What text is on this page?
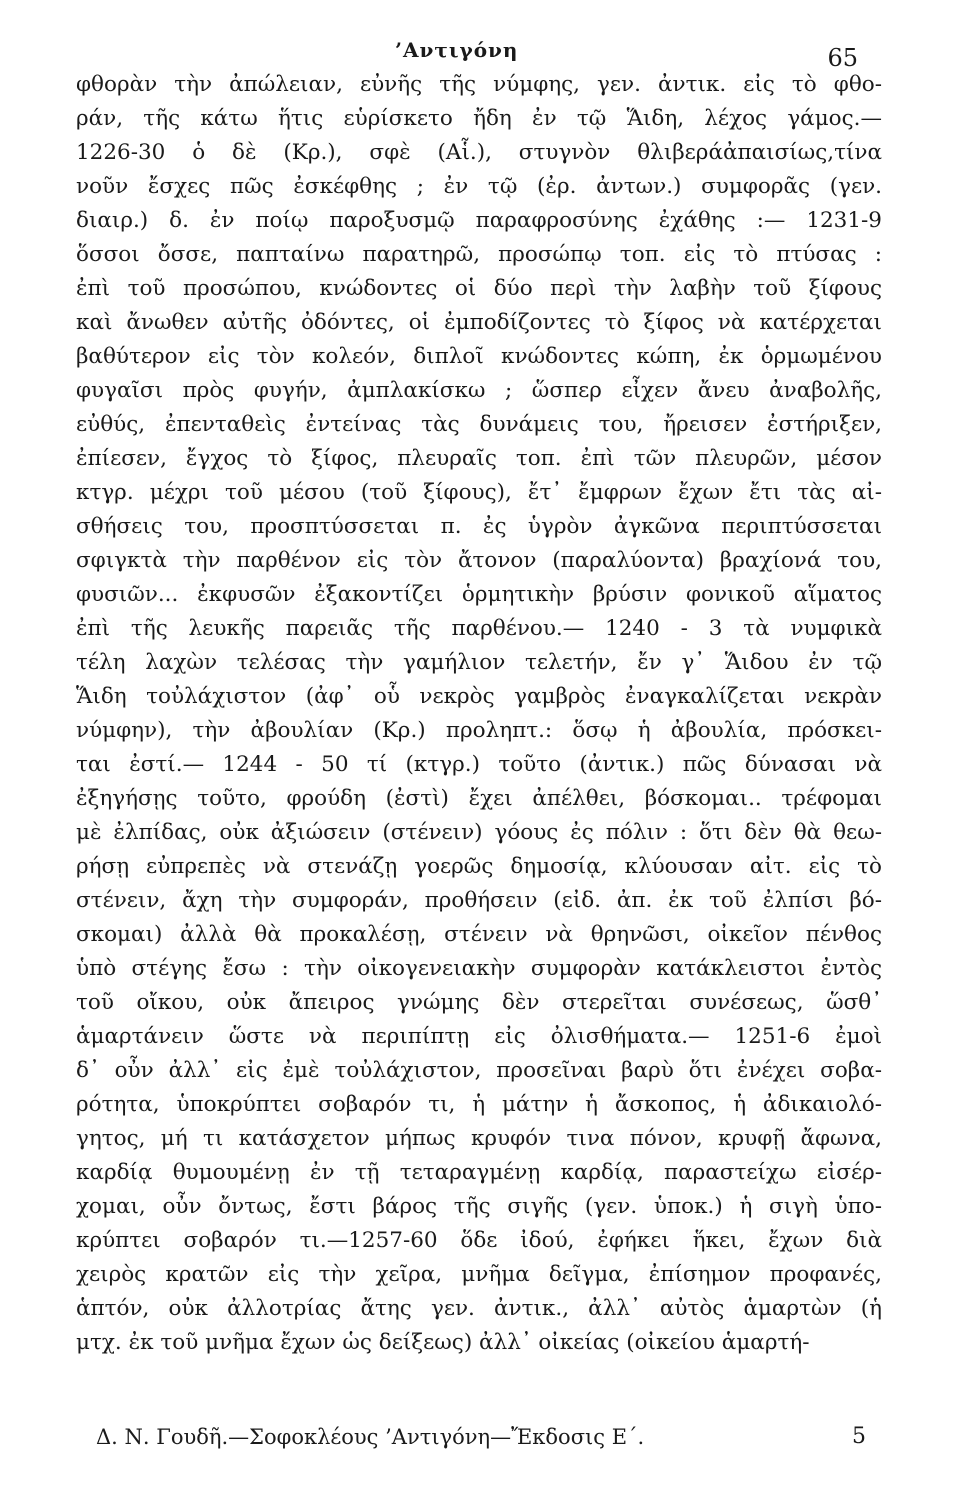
’Αντιγόνη	65
φθορὰν τὴν ἀπώλειαν, εὐνῆς τῆς νύμφης, γεν. ἀντικ. εἰς τὸ φθο-
ράν, τῆς κάτω ἥτις εὑρίσκετο ἤδη ἐν τῷ Ἅιδη, λέχος γάμος.—
1226-30 ὁ δὲ (Κρ.), σφὲ (Αἷ.), στυγνὸν θλιβεράἀπαισίως,τίνα
νοῦν ἔσχες πῶς ἐσκέφθης ; ἐν τῷ (ἐρ. ἀντων.) συμφορᾶς (γεν.
διαιρ.) δ. ἐν ποίῳ παροξυσμῷ παραφροσύνης ἐχάθης :— 1231-9
ὅσσοι ὄσσε, παπταίνω παρατηρῶ, προσώπῳ τοπ. εἰς τὸ πτύσας :
ἐπὶ τοῦ προσώπου, κνώδοντες οἱ δύο περὶ τὴν λαβὴν τοῦ ξίφους
καὶ ἄνωθεν αὐτῆς ὀδόντες, οἱ ἐμποδίζοντες τὸ ξίφος νὰ κατέρχεται
βαθύτερον εἰς τὸν κολεόν, διπλοῖ κνώδοντες κώπη, ἐκ ὁρμωμένου
φυγαῖσι πρὸς φυγήν, ἀμπλακίσκω ; ὥσπερ εἶχεν ἄνευ ἀναβολῆς,
εὐθύς, ἐπενταθεὶς ἐντείνας τὰς δυνάμεις του, ἤρεισεν ἐστήριξεν,
ἐπίεσεν, ἔγχος τὸ ξίφος, πλευραῖς τοπ. ἐπὶ τῶν πλευρῶν, μέσον
κτγρ. μέχρι τοῦ μέσου (τοῦ ξίφους), ἔτ᾿ ἔμφρων ἔχων ἔτι τὰς αἰ-
σθήσεις του, προσπτύσσεται π. ἐς ὑγρὸν ἀγκῶνα περιπτύσσεται
σφιγκτὰ τὴν παρθένον εἰς τὸν ἄτονον (παραλύοντα) βραχίονά του,
φυσιῶν... ἐκφυσῶν ἐξακοντίζει ὁρμητικὴν βρύσιν φονικοῦ αἵματος
ἐπὶ τῆς λευκῆς παρειᾶς τῆς παρθένου.— 1240 - 3 τὰ νυμφικὰ
τέλη λαχὼν τελέσας τὴν γαμήλιον τελετήν, ἔν γ᾿ Ἅιδου ἐν τῷ
Ἅιδη τοὐλάχιστον (ἀφ᾿ οὗ νεκρὸς γαμβρὸς ἐναγκαλίζεται νεκρὰν
νύμφην), τὴν ἀβουλίαν (Κρ.) προληπτ.: ὅσῳ ἡ ἀβουλία, πρόσκει-
ται ἐστί.— 1244 - 50 τί (κτγρ.) τοῦτο (ἀντικ.) πῶς δύνασαι νὰ
ἐξηγήσῃς τοῦτο, φρούδη (ἐστὶ) ἔχει ἀπέλθει, βόσκομαι.. τρέφομαι
μὲ ἐλπίδας, οὐκ ἀξιώσειν (στένειν) γόους ἐς πόλιν : ὅτι δὲν θὰ θεω-
ρήσῃ εὐπρεπὲς νὰ στενάζῃ γοερῶς δημοσίᾳ, κλύουσαν αἰτ. εἰς τὸ
στένειν, ἄχη τὴν συμφοράν, προθήσειν (εἰδ. ἀπ. ἐκ τοῦ ἐλπίσι βό-
σκομαι) ἀλλὰ θὰ προκαλέσῃ, στένειν νὰ θρηνῶσι, οἰκεῖον πένθος
ὑπὸ στέγης ἔσω : τὴν οἰκογενειακὴν συμφορὰν κατάκλειστοι ἐντὸς
τοῦ οἴκου, οὐκ ἄπειρος γνώμης δὲν στερεῖται συνέσεως, ὥσθ᾿
ἁμαρτάνειν ὥστε νὰ περιπίπτῃ εἰς ὀλισθήματα.— 1251-6 ἐμοὶ
δ᾿ οὖν ἀλλ᾿ εἰς ἐμὲ τοὐλάχιστον, προσεῖναι βαρὺ ὅτι ἐνέχει σοβα-
ρότητα, ὑποκρύπτει σοβαρόν τι, ἡ μάτην ἡ ἄσκοπος, ἡ ἀδικαιολό-
γητος, μή τι κατάσχετον μήπως κρυφόν τινα πόνον, κρυφῇ ἄφωνα,
καρδίᾳ θυμουμένῃ ἐν τῇ τεταραγμένῃ καρδίᾳ, παραστείχω εἰσέρ-
χομαι, οὖν ὄντως, ἔστι βάρος τῆς σιγῆς (γεν. ὑποκ.) ἡ σιγὴ ὑπο-
κρύπτει σοβαρόν τι.—1257-60 ὅδε ἰδού, ἐφήκει ἥκει, ἔχων διὰ
χειρὸς κρατῶν εἰς τὴν χεῖρα, μνῆμα δεῖγμα, ἐπίσημον προφανές,
ἁπτόν, οὐκ ἀλλοτρίας ἄτης γεν. ἀντικ., ἀλλ᾿ αὐτὸς ἁμαρτὼν (ἡ
μτχ. ἐκ τοῦ μνῆμα ἔχων ὡς δείξεως) ἀλλ᾿ οἰκείας (οἰκείου ἁμαρτή-
Δ. Ν. Γουδῆ.—Σοφοκλέους ’Αντιγόνη—Ἔκδοσις Ε΄.	5
